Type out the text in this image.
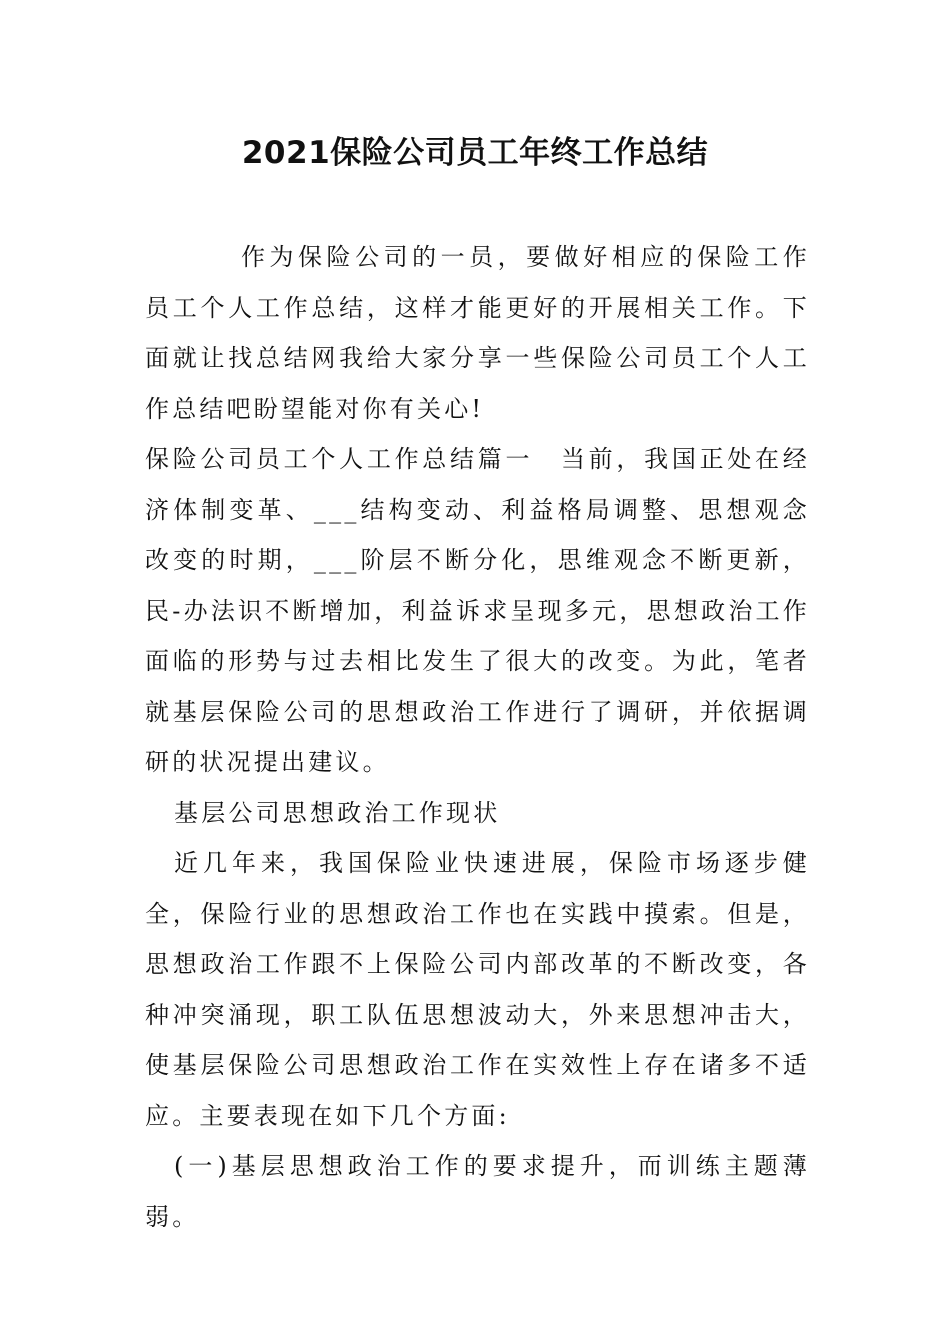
2021保险公司员工年终工作总结

作为保险公司的一员，要做好相应的保险工作员工个人工作总结，这样才能更好的开展相关工作。下面就让找总结网我给大家分享一些保险公司员工个人工作总结吧盼望能对你有关心!

保险公司员工个人工作总结篇一　当前，我国正处在经济体制变革、___结构变动、利益格局调整、思想观念改变的时期，___阶层不断分化，思维观念不断更新，民-办法识不断增加，利益诉求呈现多元，思想政治工作面临的形势与过去相比发生了很大的改变。为此，笔者就基层保险公司的思想政治工作进行了调研，并依据调研的状况提出建议。

基层公司思想政治工作现状

近几年来，我国保险业快速进展，保险市场逐步健全，保险行业的思想政治工作也在实践中摸索。但是，思想政治工作跟不上保险公司内部改革的不断改变，各种冲突涌现，职工队伍思想波动大，外来思想冲击大，使基层保险公司思想政治工作在实效性上存在诸多不适应。主要表现在如下几个方面:

(一)基层思想政治工作的要求提升，而训练主题薄弱。
